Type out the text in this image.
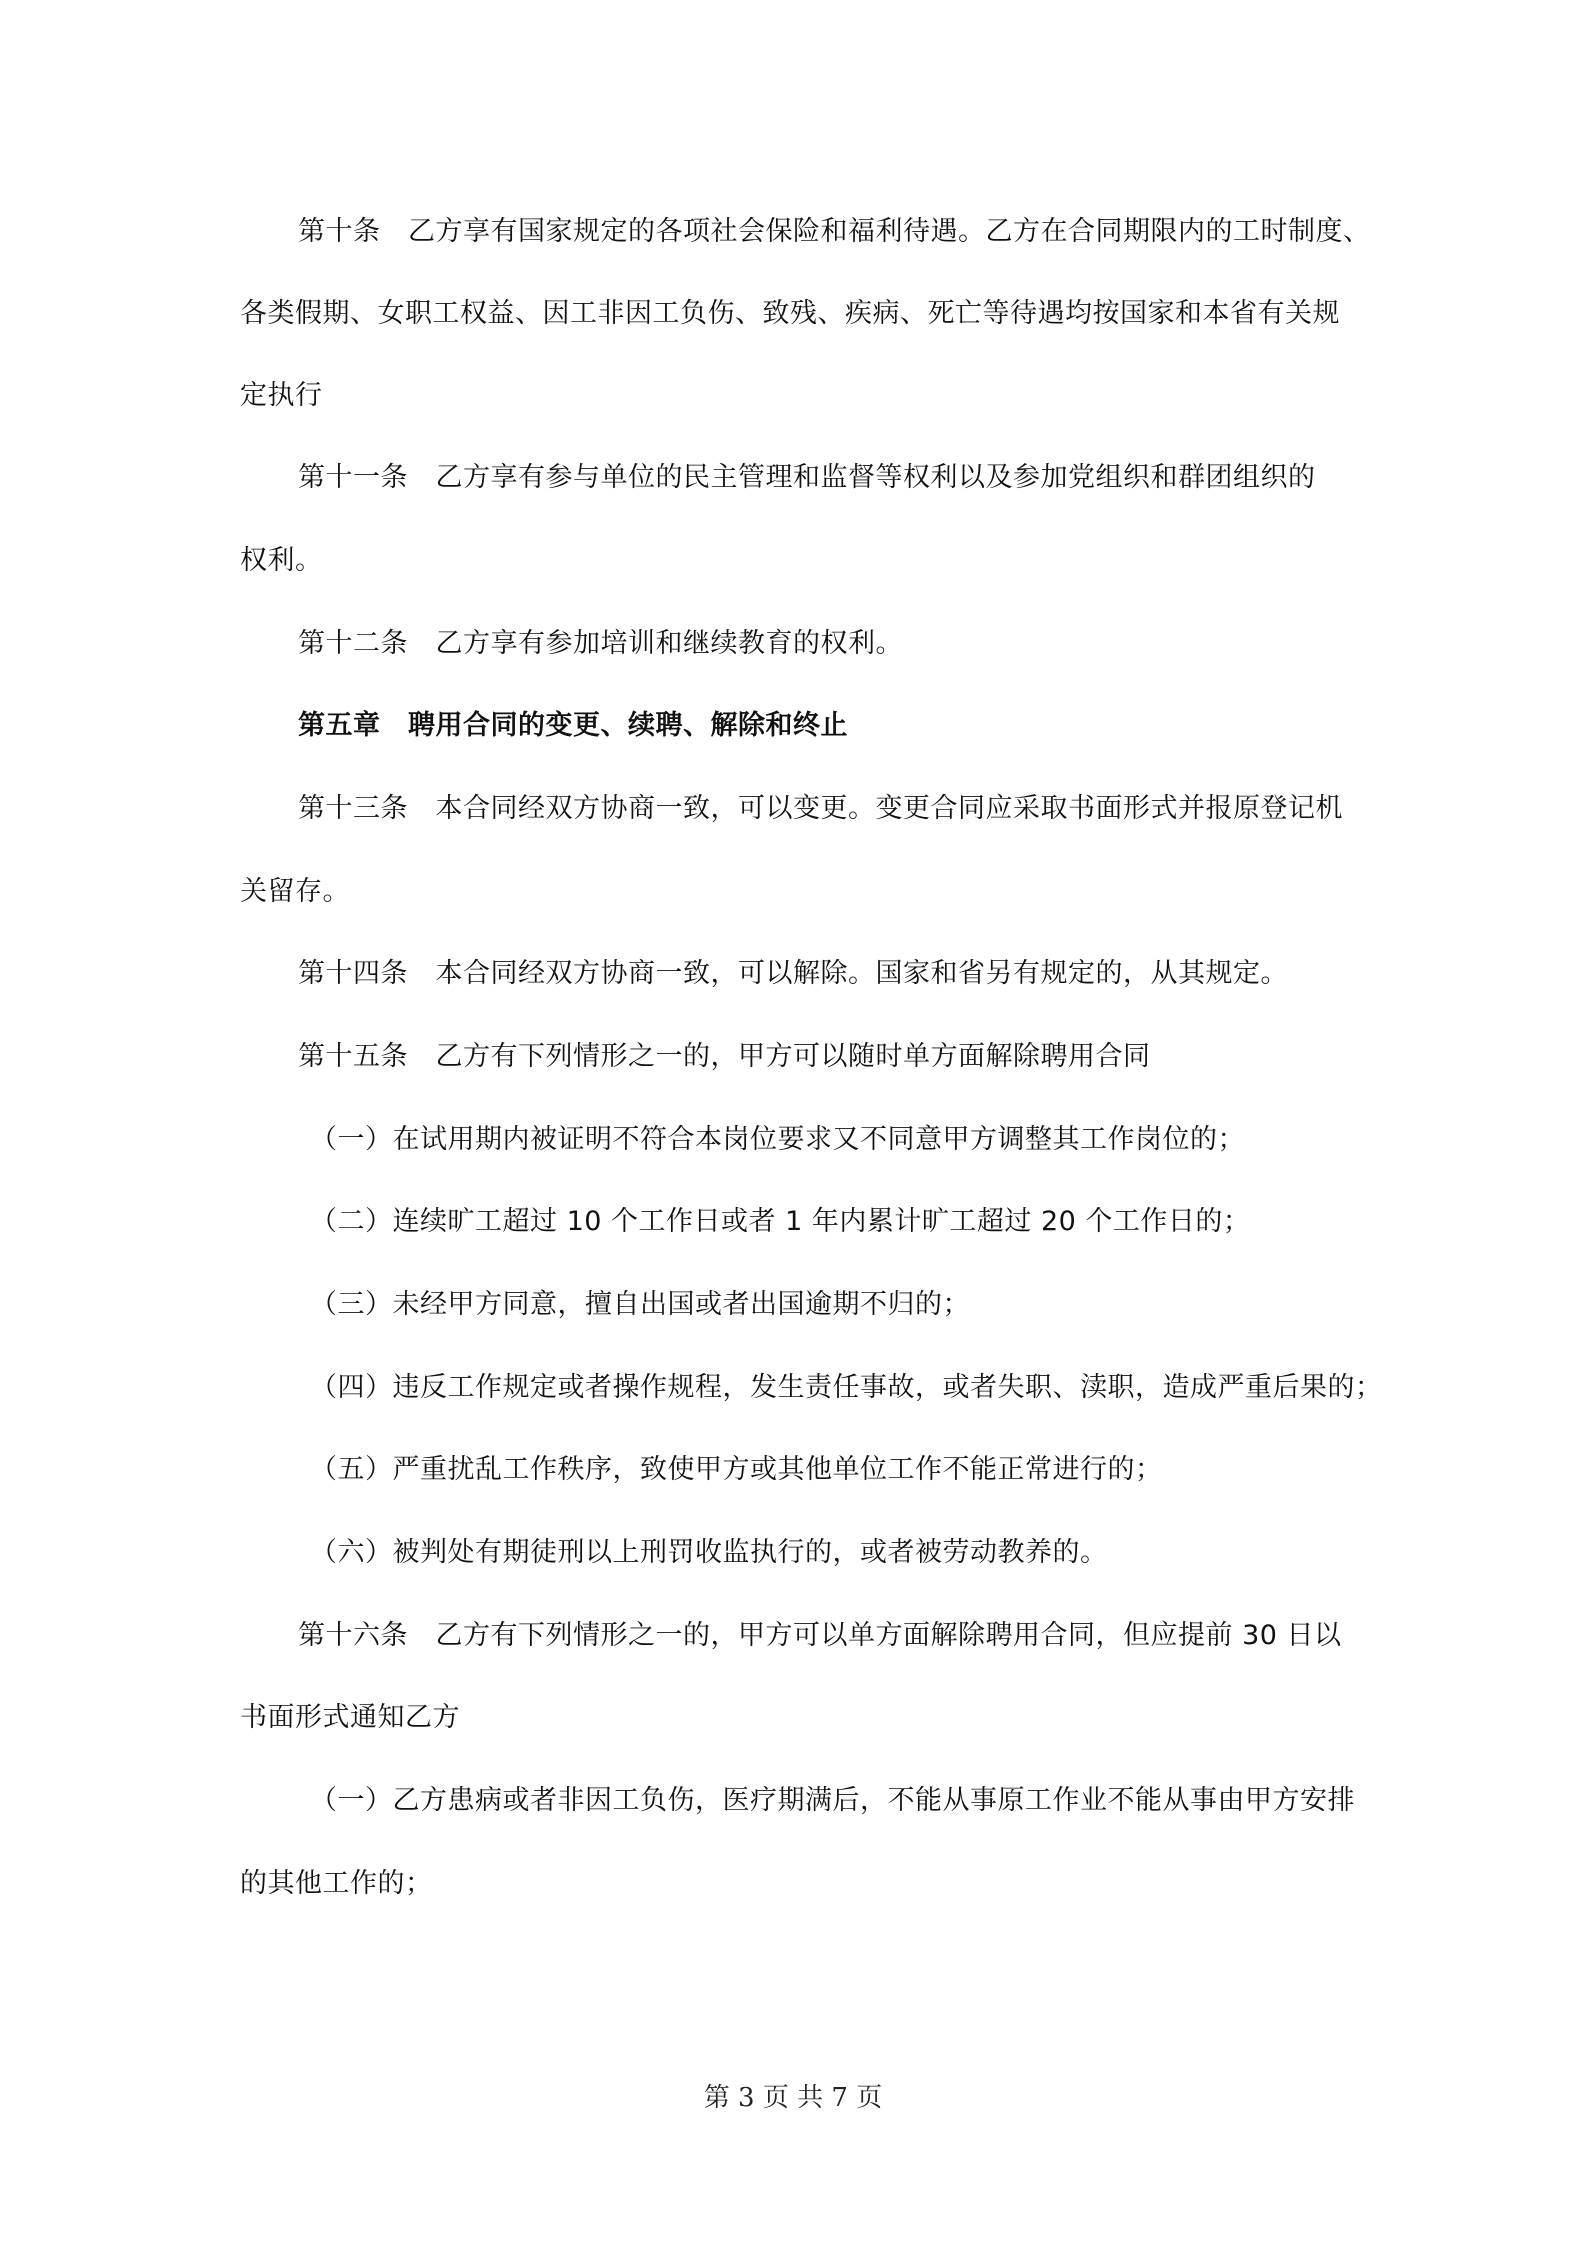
第十条　乙方享有国家规定的各项社会保险和福利待遇。乙方在合同期限内的工时制度、
各类假期、女职工权益、因工非因工负伤、致残、疾病、死亡等待遇均按国家和本省有关规
定执行
第十一条　乙方享有参与单位的民主管理和监督等权利以及参加党组织和群团组织的
权利。
第十二条　乙方享有参加培训和继续教育的权利。
第五章　聘用合同的变更、续聘、解除和终止
第十三条　本合同经双方协商一致，可以变更。变更合同应采取书面形式并报原登记机
关留存。
第十四条　本合同经双方协商一致，可以解除。国家和省另有规定的，从其规定。
第十五条　乙方有下列情形之一的，甲方可以随时单方面解除聘用合同
（一）在试用期内被证明不符合本岗位要求又不同意甲方调整其工作岗位的；
（二）连续旷工超过 10 个工作日或者 1 年内累计旷工超过 20 个工作日的；
（三）未经甲方同意，擅自出国或者出国逾期不归的；
（四）违反工作规定或者操作规程，发生责任事故，或者失职、渎职，造成严重后果的；
（五）严重扰乱工作秩序，致使甲方或其他单位工作不能正常进行的；
（六）被判处有期徒刑以上刑罚收监执行的，或者被劳动教养的。
第十六条　乙方有下列情形之一的，甲方可以单方面解除聘用合同，但应提前 30 日以
书面形式通知乙方
（一）乙方患病或者非因工负伤，医疗期满后，不能从事原工作业不能从事由甲方安排
的其他工作的；
第 3 页 共 7 页
